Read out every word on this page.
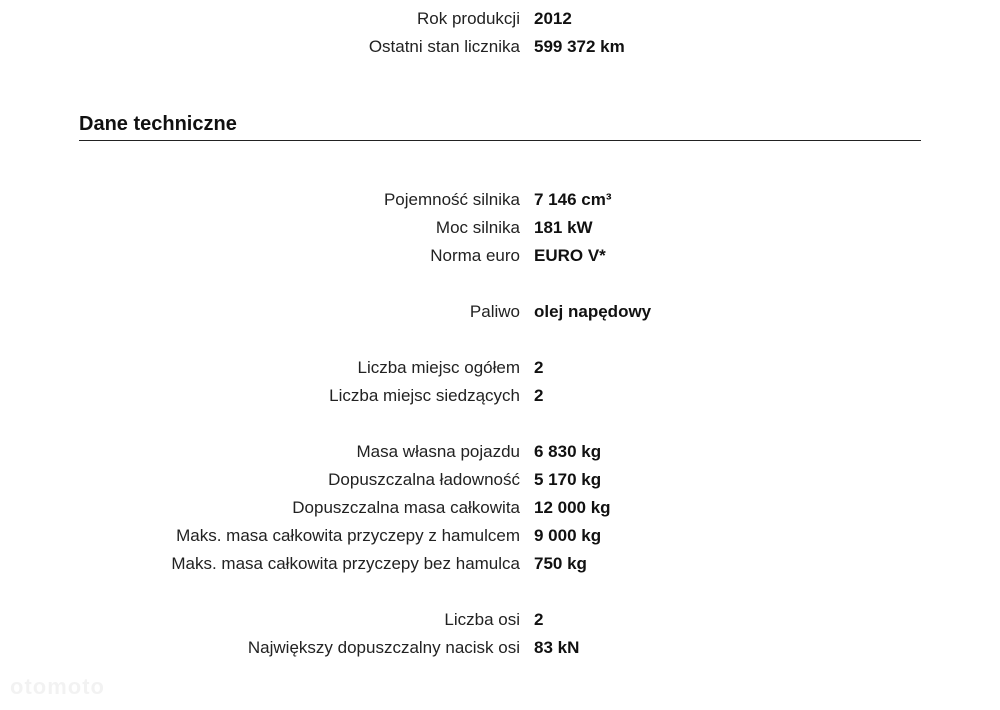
Rok produkcji 2012
Ostatni stan licznika 599 372 km
Dane techniczne
Pojemność silnika 7 146 cm³
Moc silnika 181 kW
Norma euro EURO V*
Paliwo olej napędowy
Liczba miejsc ogółem 2
Liczba miejsc siedzących 2
Masa własna pojazdu 6 830 kg
Dopuszczalna ładowność 5 170 kg
Dopuszczalna masa całkowita 12 000 kg
Maks. masa całkowita przyczepy z hamulcem 9 000 kg
Maks. masa całkowita przyczepy bez hamulca 750 kg
Liczba osi 2
Największy dopuszczalny nacisk osi 83 kN
otomoto
